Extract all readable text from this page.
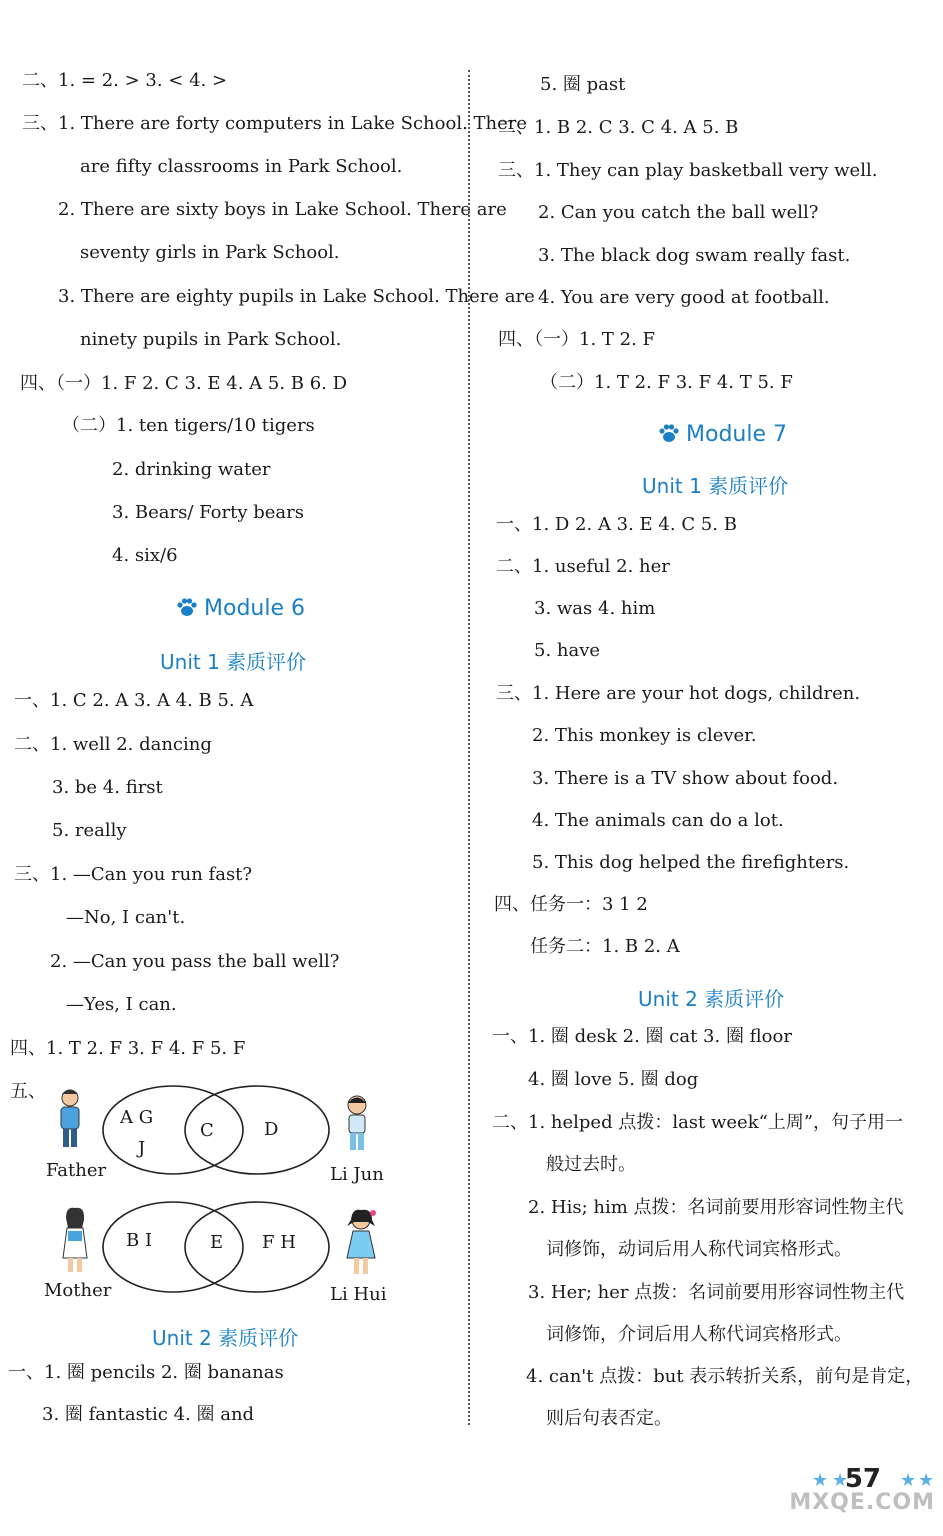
二、1. = 2. > 3. < 4. >
三、1. There are forty computers in Lake School. There
are fifty classrooms in Park School.
2. There are sixty boys in Lake School. There are
seventy girls in Park School.
3. There are eighty pupils in Lake School. There are
ninety pupils in Park School.
四、（一）1. F 2. C 3. E 4. A 5. B 6. D
（二）1. ten tigers/10 tigers
2. drinking water
3. Bears/ Forty bears
4. six/6
一、1. C 2. A 3. A 4. B 5. A
二、1. well 2. dancing
3. be 4. first
5. really
三、1. —Can you run fast?
—No, I can't.
2. —Can you pass the ball well?
—Yes, I can.
四、1. T 2. F 3. F 4. F 5. F
五、
一、1. 圈 pencils 2. 圈 bananas
3. 圈 fantastic 4. 圈 and
5. 圈 past
二、1. B 2. C 3. C 4. A 5. B
三、1. They can play basketball very well.
2. Can you catch the ball well?
3. The black dog swam really fast.
4. You are very good at football.
四、（一）1. T 2. F
（二）1. T 2. F 3. F 4. T 5. F
一、1. D 2. A 3. E 4. C 5. B
二、1. useful 2. her
3. was 4. him
5. have
三、1. Here are your hot dogs, children.
2. This monkey is clever.
3. There is a TV show about food.
4. The animals can do a lot.
5. This dog helped the firefighters.
四、任务一：3 1 2
任务二：1. B 2. A
一、1. 圈 desk 2. 圈 cat 3. 圈 floor
4. 圈 love 5. 圈 dog
二、1. helped 点拨：last week“上周”，句子用一
般过去时。
2. His; him 点拨：名词前要用形容词性物主代
词修饰，动词后用人称代词宾格形式。
3. Her; her 点拨：名词前要用形容词性物主代
词修饰，介词后用人称代词宾格形式。
4. can't 点拨：but 表示转折关系，前句是肯定，
则后句表否定。
Module 6
Unit 1 素质评价
Unit 2 素质评价
Module 7
Unit 1 素质评价
Unit 2 素质评价
A G
J
C	D
Father	Li Jun
B I	E F H
Mother	Li Hui
★ ★
57 ★ ★
MXQE.COM
